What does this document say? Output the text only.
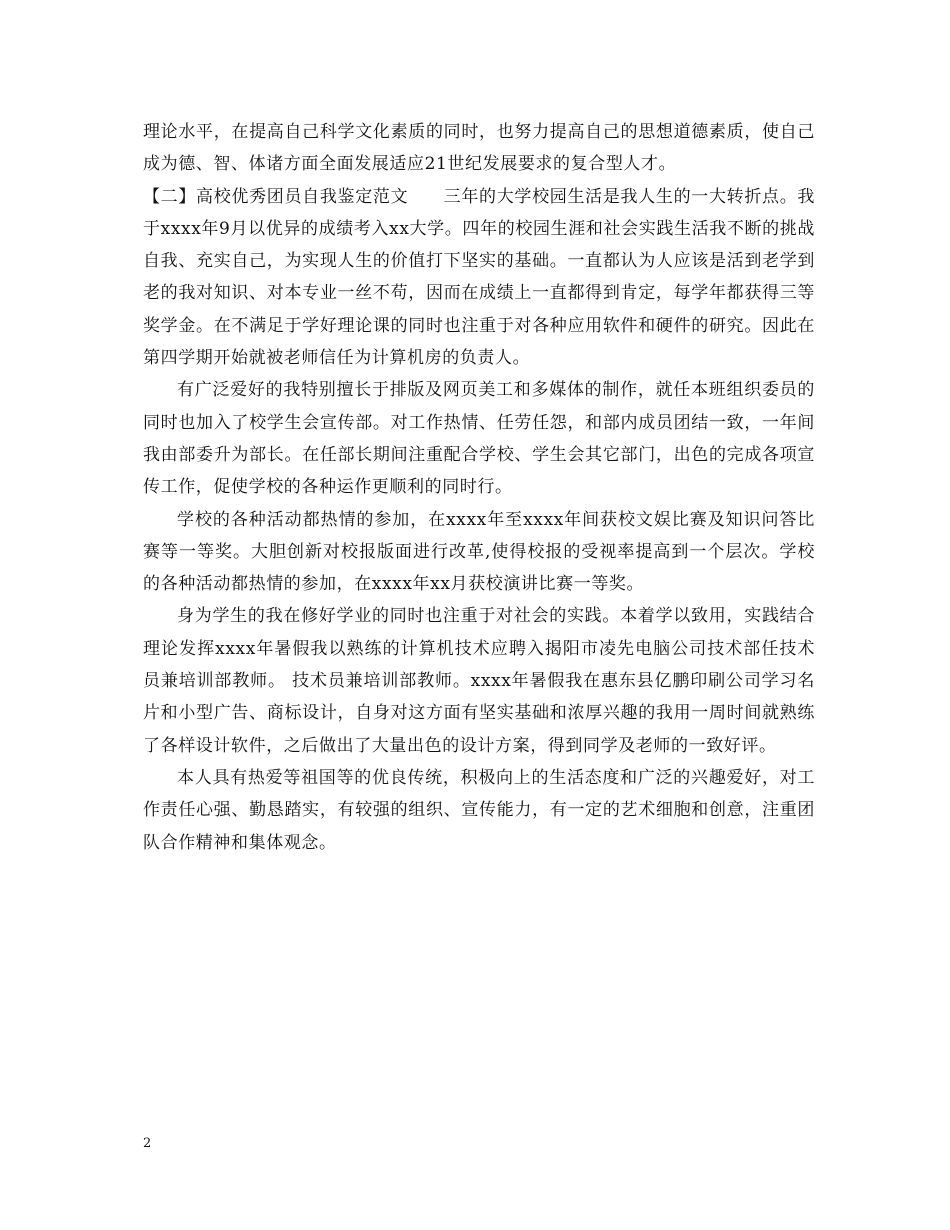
理论水平，在提高自己科学文化素质的同时，也努力提高自己的思想道德素质，使自己成为德、智、体诸方面全面发展适应21世纪发展要求的复合型人才。

【二】高校优秀团员自我鉴定范文　　三年的大学校园生活是我人生的一大转折点。我于xxxx年9月以优异的成绩考入xx大学。四年的校园生涯和社会实践生活我不断的挑战自我、充实自己，为实现人生的价值打下坚实的基础。一直都认为人应该是活到老学到老的我对知识、对本专业一丝不苟，因而在成绩上一直都得到肯定，每学年都获得三等奖学金。在不满足于学好理论课的同时也注重于对各种应用软件和硬件的研究。因此在第四学期开始就被老师信任为计算机房的负责人。

有广泛爱好的我特别擅长于排版及网页美工和多媒体的制作，就任本班组织委员的同时也加入了校学生会宣传部。对工作热情、任劳任怨，和部内成员团结一致，一年间我由部委升为部长。在任部长期间注重配合学校、学生会其它部门，出色的完成各项宣传工作，促使学校的各种运作更顺利的同时行。

学校的各种活动都热情的参加，在xxxx年至xxxx年间获校文娱比赛及知识问答比赛等一等奖。大胆创新对校报版面进行改革,使得校报的受视率提高到一个层次。学校的各种活动都热情的参加，在xxxx年xx月获校演讲比赛一等奖。

身为学生的我在修好学业的同时也注重于对社会的实践。本着学以致用，实践结合理论发挥xxxx年暑假我以熟练的计算机技术应聘入揭阳市凌先电脑公司技术部任技术员兼培训部教师。 技术员兼培训部教师。xxxx年暑假我在惠东县亿鹏印刷公司学习名片和小型广告、商标设计，自身对这方面有坚实基础和浓厚兴趣的我用一周时间就熟练了各样设计软件，之后做出了大量出色的设计方案，得到同学及老师的一致好评。

本人具有热爱等祖国等的优良传统，积极向上的生活态度和广泛的兴趣爱好，对工作责任心强、勤恳踏实，有较强的组织、宣传能力，有一定的艺术细胞和创意，注重团队合作精神和集体观念。

2
